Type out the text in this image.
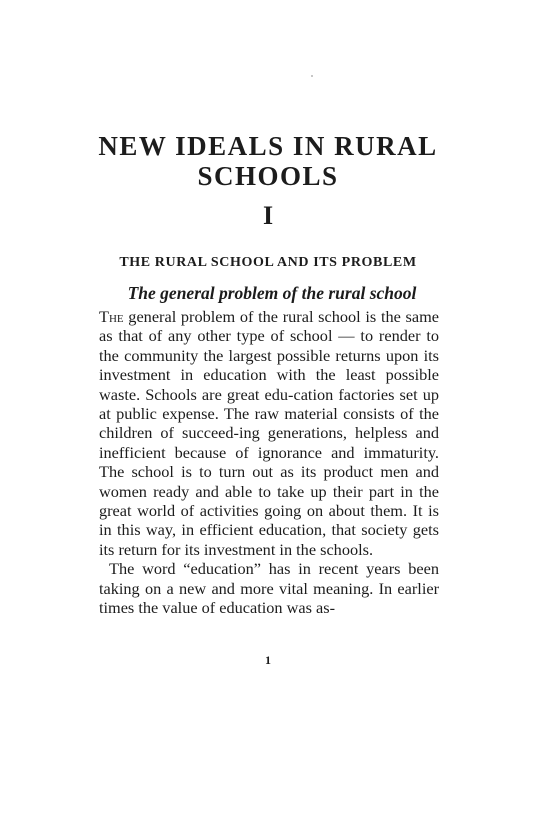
NEW IDEALS IN RURAL
SCHOOLS
I
THE RURAL SCHOOL AND ITS PROBLEM
The general problem of the rural school

The general problem of the rural school is the same as that of any other type of school — to render to the community the largest possible returns upon its investment in education with the least possible waste. Schools are great edu-cation factories set up at public expense. The raw material consists of the children of succeed-ing generations, helpless and inefficient because of ignorance and immaturity. The school is to turn out as its product men and women ready and able to take up their part in the great world of activities going on about them. It is in this way, in efficient education, that society gets its return for its investment in the schools.

The word “education” has in recent years been taking on a new and more vital meaning. In earlier times the value of education was as-

1
